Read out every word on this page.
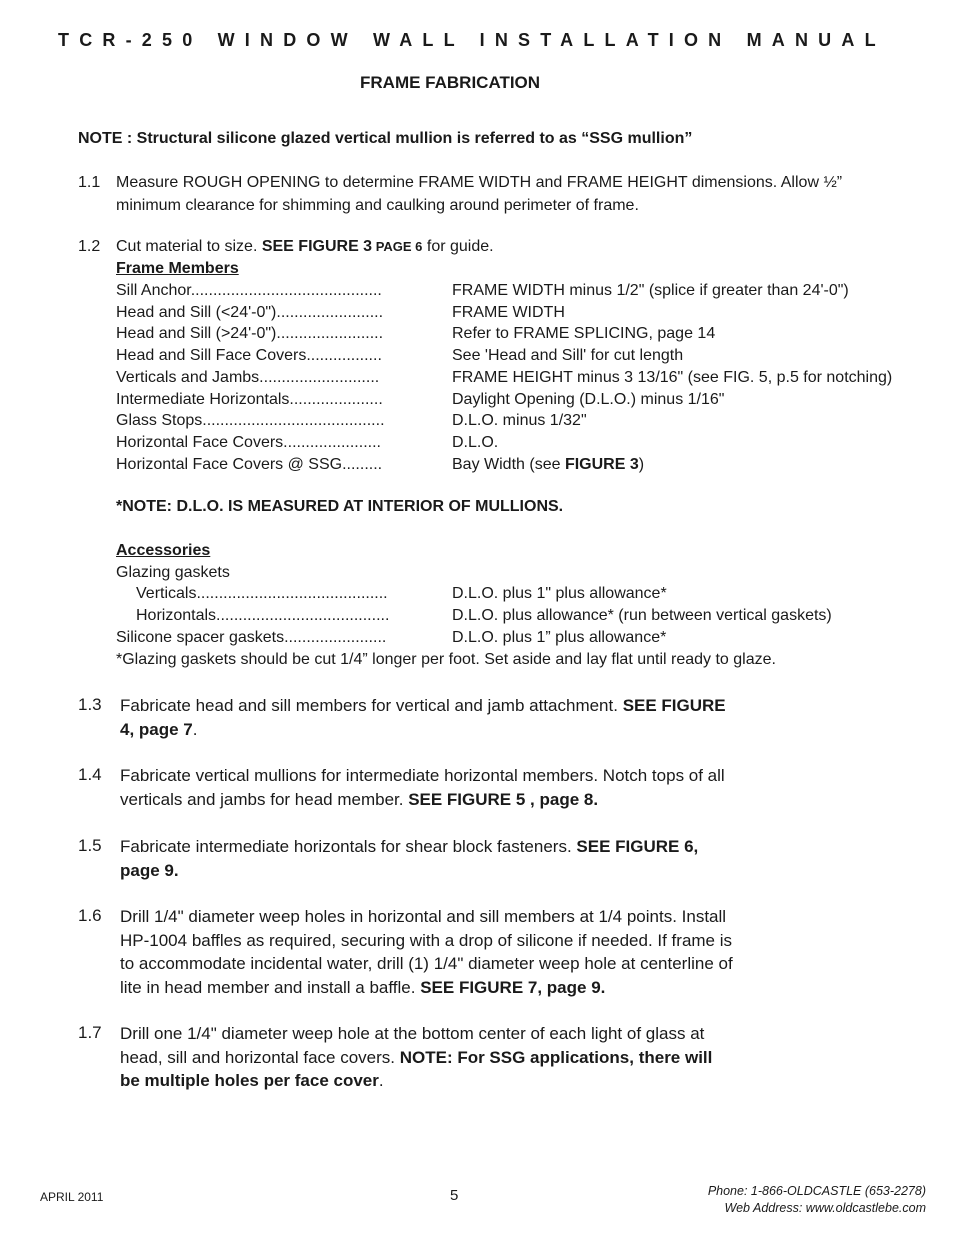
TCR-250 WINDOW WALL INSTALLATION MANUAL
FRAME FABRICATION
NOTE : Structural silicone glazed vertical mullion is referred to as “SSG mullion”
1.1 Measure ROUGH OPENING to determine FRAME WIDTH and FRAME HEIGHT dimensions. Allow ½”
minimum clearance for shimming and caulking around perimeter of frame.
1.2 Cut material to size. SEE FIGURE 3 PAGE 6 for guide.
Frame Members
Sill Anchor...........................................	FRAME WIDTH minus 1/2" (splice if greater than 24'-0")
Head and Sill (<24'-0")........................	FRAME WIDTH
Head and Sill (>24'-0")........................	Refer to FRAME SPLICING, page 14
Head and Sill Face Covers.................	See 'Head and Sill' for cut length
Verticals and Jambs...........................	FRAME HEIGHT minus 3 13/16" (see FIG. 5, p.5 for notching)
Intermediate Horizontals.....................	Daylight Opening (D.L.O.) minus 1/16"
Glass Stops.........................................	D.L.O. minus 1/32"
Horizontal Face Covers......................	D.L.O.
Horizontal Face Covers @ SSG.........	Bay Width (see FIGURE 3)
*NOTE: D.L.O. IS MEASURED AT INTERIOR OF MULLIONS.
Accessories
Glazing gaskets
Verticals...........................................	D.L.O. plus 1" plus allowance*
Horizontals.......................................	D.L.O. plus allowance* (run between vertical gaskets)
Silicone spacer gaskets.......................	D.L.O. plus 1” plus allowance*
*Glazing gaskets should be cut 1/4” longer per foot. Set aside and lay flat until ready to glaze.
1.3 Fabricate head and sill members for vertical and jamb attachment. SEE FIGURE
4, page 7.
1.4 Fabricate vertical mullions for intermediate horizontal members. Notch tops of all
verticals and jambs for head member. SEE FIGURE 5 , page 8.
1.5 Fabricate intermediate horizontals for shear block fasteners. SEE FIGURE 6,
page 9.
1.6 Drill 1/4" diameter weep holes in horizontal and sill members at 1/4 points. Install
HP-1004 baffles as required, securing with a drop of silicone if needed. If frame is
to accommodate incidental water, drill (1) 1/4" diameter weep hole at centerline of
lite in head member and install a baffle. SEE FIGURE 7, page 9.
1.7 Drill one 1/4" diameter weep hole at the bottom center of each light of glass at
head, sill and horizontal face covers. NOTE: For SSG applications, there will
be multiple holes per face cover.
APRIL 2011	5	Phone: 1-866-OLDCASTLE (653-2278)
Web Address: www.oldcastlebe.com
